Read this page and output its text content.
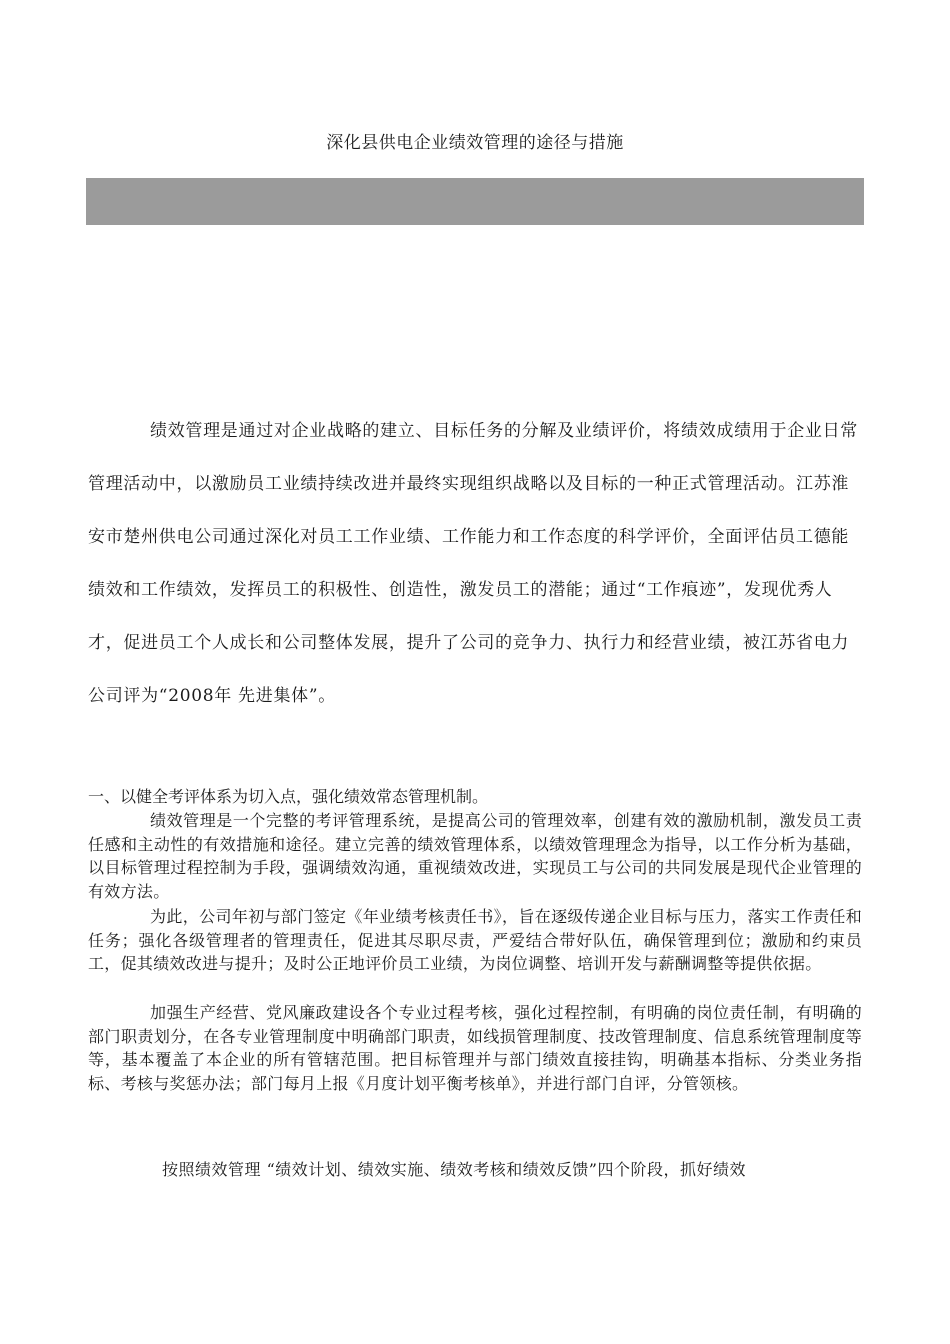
深化县供电企业绩效管理的途径与措施

绩效管理是通过对企业战略的建立、目标任务的分解及业绩评价，将绩效成绩用于企业日常管理活动中，以激励员工业绩持续改进并最终实现组织战略以及目标的一种正式管理活动。江苏淮安市楚州供电公司通过深化对员工工作业绩、工作能力和工作态度的科学评价，全面评估员工德能绩效和工作绩效，发挥员工的积极性、创造性，激发员工的潜能；通过“工作痕迹”，发现优秀人才，促进员工个人成长和公司整体发展，提升了公司的竞争力、执行力和经营业绩，被江苏省电力公司评为“2008年 先进集体”。

一、以健全考评体系为切入点，强化绩效常态管理机制。

绩效管理是一个完整的考评管理系统，是提高公司的管理效率，创建有效的激励机制，激发员工责任感和主动性的有效措施和途径。建立完善的绩效管理体系，以绩效管理理念为指导，以工作分析为基础，以目标管理过程控制为手段，强调绩效沟通，重视绩效改进，实现员工与公司的共同发展是现代企业管理的有效方法。

为此，公司年初与部门签定《年业绩考核责任书》，旨在逐级传递企业目标与压力，落实工作责任和任务；强化各级管理者的管理责任，促进其尽职尽责，严爱结合带好队伍，确保管理到位；激励和约束员工，促其绩效改进与提升；及时公正地评价员工业绩，为岗位调整、培训开发与薪酬调整等提供依据。

加强生产经营、党风廉政建设各个专业过程考核，强化过程控制，有明确的岗位责任制，有明确的部门职责划分，在各专业管理制度中明确部门职责，如线损管理制度、技改管理制度、信息系统管理制度等等，基本覆盖了本企业的所有管辖范围。把目标管理并与部门绩效直接挂钩，明确基本指标、分类业务指标、考核与奖惩办法；部门每月上报《月度计划平衡考核单》，并进行部门自评，分管领核。

按照绩效管理 “绩效计划、绩效实施、绩效考核和绩效反馈”四个阶段，抓好绩效
